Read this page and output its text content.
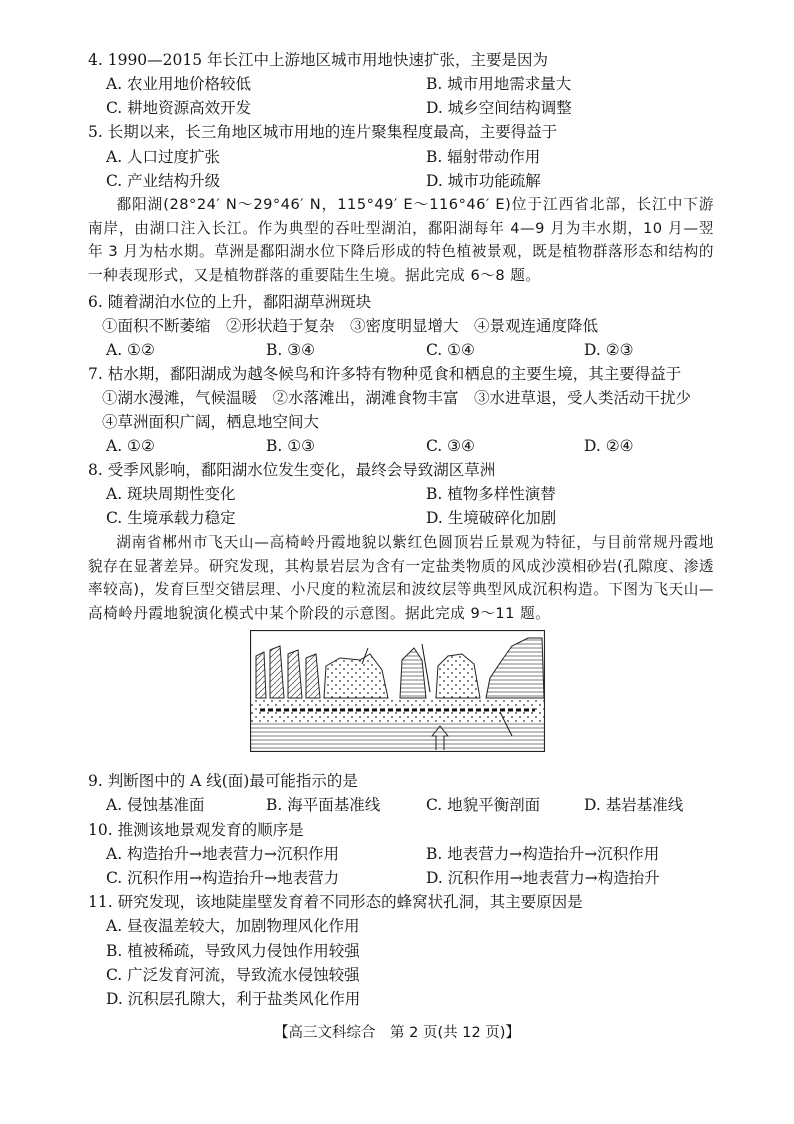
4. 1990—2015 年长江中上游地区城市用地快速扩张，主要是因为
A. 农业用地价格较低	B. 城市用地需求量大
C. 耕地资源高效开发	D. 城乡空间结构调整
5. 长期以来，长三角地区城市用地的连片聚集程度最高，主要得益于
A. 人口过度扩张	B. 辐射带动作用
C. 产业结构升级	D. 城市功能疏解
鄱阳湖(28°24′ N～29°46′ N，115°49′ E～116°46′ E)位于江西省北部，长江中下游南岸，由湖口注入长江。作为典型的吞吐型湖泊，鄱阳湖每年 4—9 月为丰水期，10 月—翌年 3 月为枯水期。草洲是鄱阳湖水位下降后形成的特色植被景观，既是植物群落形态和结构的一种表现形式，又是植物群落的重要陆生生境。据此完成 6～8 题。
6. 随着湖泊水位的上升，鄱阳湖草洲斑块
①面积不断萎缩　②形状趋于复杂　③密度明显增大　④景观连通度降低
A. ①②	B. ③④	C. ①④	D. ②③
7. 枯水期，鄱阳湖成为越冬候鸟和许多特有物种觅食和栖息的主要生境，其主要得益于
①湖水漫滩，气候温暖　②水落滩出，湖滩食物丰富　③水进草退，受人类活动干扰少　④草洲面积广阔，栖息地空间大
A. ①②	B. ①③	C. ③④	D. ②④
8. 受季风影响，鄱阳湖水位发生变化，最终会导致湖区草洲
A. 斑块周期性变化	B. 植物多样性演替
C. 生境承载力稳定	D. 生境破碎化加剧
湖南省郴州市飞天山—高椅岭丹霞地貌以紫红色圆顶岩丘景观为特征，与目前常规丹霞地貌存在显著差异。研究发现，其构景岩层为含有一定盐类物质的风成沙漠相砂岩(孔隙度、渗透率较高)，发育巨型交错层理、小尺度的粒流层和波纹层等典型风成沉积构造。下图为飞天山—高椅岭丹霞地貌演化模式中某个阶段的示意图。据此完成 9～11 题。
9. 判断图中的 A 线(面)最可能指示的是
A. 侵蚀基准面	B. 海平面基准线	C. 地貌平衡剖面	D. 基岩基准线
10. 推测该地景观发育的顺序是
A. 构造抬升→地表营力→沉积作用	B. 地表营力→构造抬升→沉积作用
C. 沉积作用→构造抬升→地表营力	D. 沉积作用→地表营力→构造抬升
11. 研究发现，该地陡崖壁发育着不同形态的蜂窝状孔洞，其主要原因是
A. 昼夜温差较大，加剧物理风化作用
B. 植被稀疏，导致风力侵蚀作用较强
C. 广泛发育河流，导致流水侵蚀较强
D. 沉积层孔隙大，利于盐类风化作用
【高三文科综合　第 2 页(共 12 页)】
